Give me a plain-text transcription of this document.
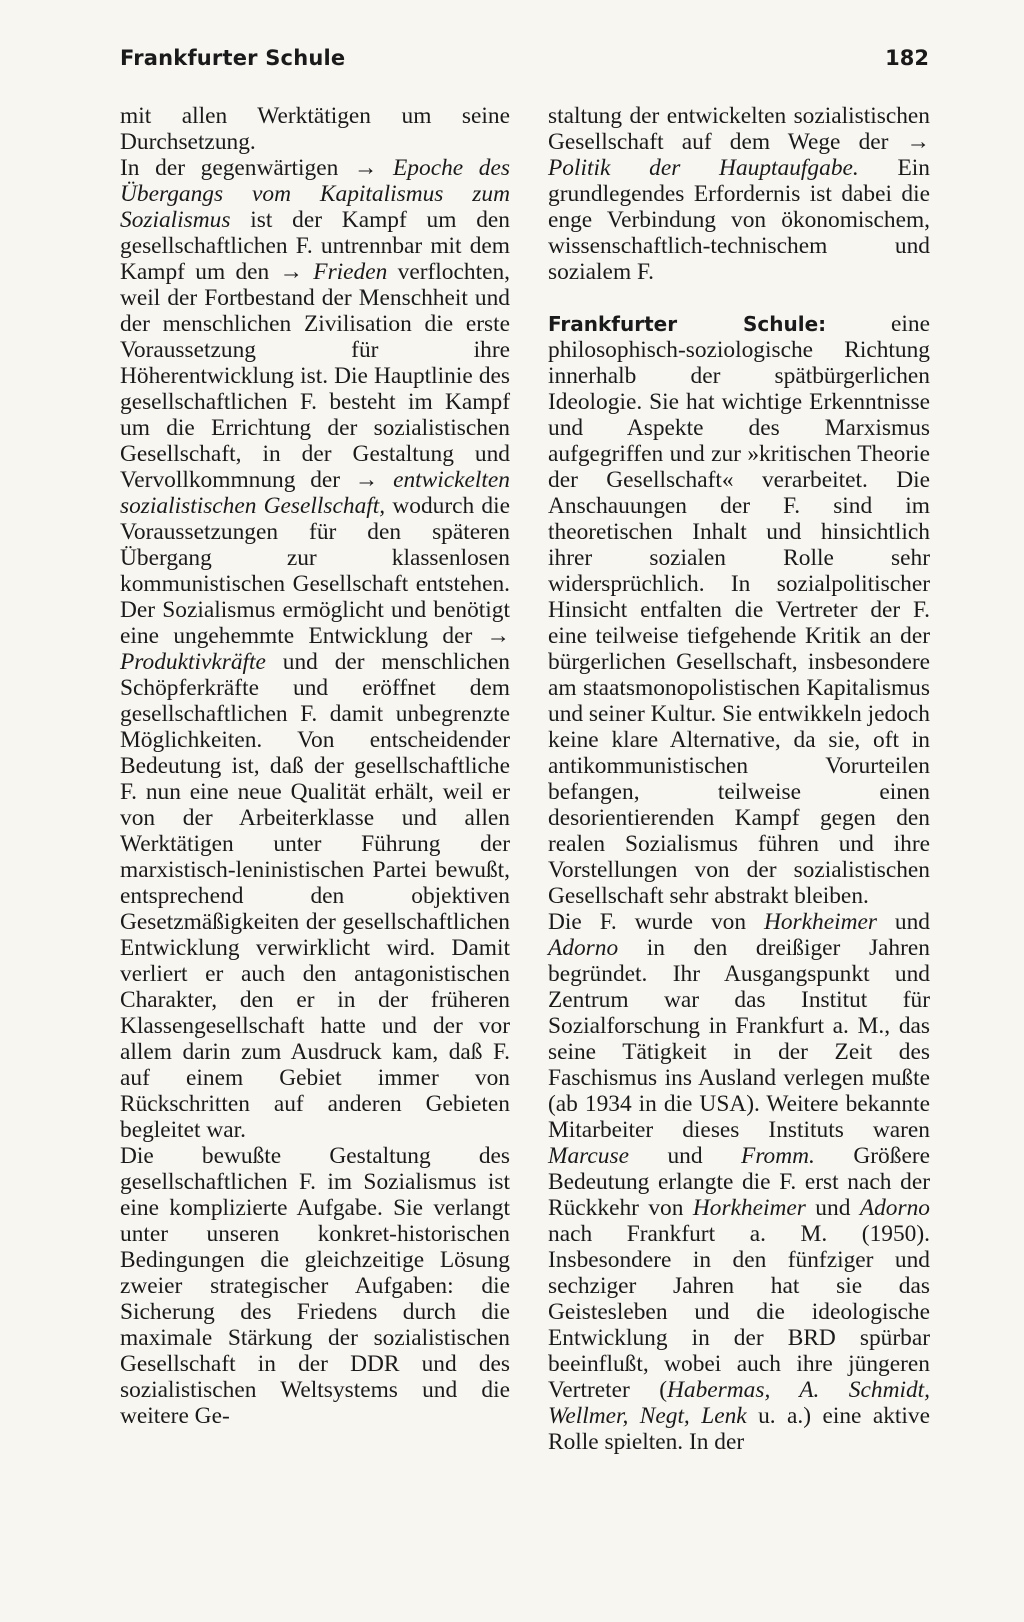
Frankfurter Schule	182

mit allen Werktätigen um seine Durchsetzung.

In der gegenwärtigen → Epoche des Übergangs vom Kapitalismus zum Sozialismus ist der Kampf um den gesellschaftlichen F. untrennbar mit dem Kampf um den → Frieden verflochten, weil der Fortbestand der Menschheit und der menschlichen Zivilisation die erste Voraussetzung für ihre Höherentwicklung ist. Die Hauptlinie des gesellschaftlichen F. besteht im Kampf um die Errichtung der sozialistischen Gesellschaft, in der Gestaltung und Vervollkommnung der → entwickelten sozialistischen Gesellschaft, wodurch die Voraussetzungen für den späteren Übergang zur klassenlosen kommunistischen Gesellschaft entstehen. Der Sozialismus ermöglicht und benötigt eine ungehemmte Entwicklung der → Produktivkräfte und der menschlichen Schöpferkräfte und eröffnet dem gesellschaftlichen F. damit unbegrenzte Möglichkeiten. Von entscheidender Bedeutung ist, daß der gesellschaftliche F. nun eine neue Qualität erhält, weil er von der Arbeiterklasse und allen Werktätigen unter Führung der marxistisch-leninistischen Partei bewußt, entsprechend den objektiven Gesetzmäßigkeiten der gesellschaftlichen Entwicklung verwirklicht wird. Damit verliert er auch den antagonistischen Charakter, den er in der früheren Klassengesellschaft hatte und der vor allem darin zum Ausdruck kam, daß F. auf einem Gebiet immer von Rückschritten auf anderen Gebieten begleitet war.

Die bewußte Gestaltung des gesellschaftlichen F. im Sozialismus ist eine komplizierte Aufgabe. Sie verlangt unter unseren konkret-historischen Bedingungen die gleichzeitige Lösung zweier strategischer Aufgaben: die Sicherung des Friedens durch die maximale Stärkung der sozialistischen Gesellschaft in der DDR und des sozialistischen Weltsystems und die weitere Ge-

staltung der entwickelten sozialistischen Gesellschaft auf dem Wege der → Politik der Hauptaufgabe. Ein grundlegendes Erfordernis ist dabei die enge Verbindung von ökonomischem, wissenschaftlich-technischem und sozialem F.

Frankfurter Schule: eine philosophisch-soziologische Richtung innerhalb der spätbürgerlichen Ideologie. Sie hat wichtige Erkenntnisse und Aspekte des Marxismus aufgegriffen und zur »kritischen Theorie der Gesellschaft« verarbeitet. Die Anschauungen der F. sind im theoretischen Inhalt und hinsichtlich ihrer sozialen Rolle sehr widersprüchlich. In sozialpolitischer Hinsicht entfalten die Vertreter der F. eine teilweise tiefgehende Kritik an der bürgerlichen Gesellschaft, insbesondere am staatsmonopolistischen Kapitalismus und seiner Kultur. Sie entwikkeln jedoch keine klare Alternative, da sie, oft in antikommunistischen Vorurteilen befangen, teilweise einen desorientierenden Kampf gegen den realen Sozialismus führen und ihre Vorstellungen von der sozialistischen Gesellschaft sehr abstrakt bleiben.

Die F. wurde von Horkheimer und Adorno in den dreißiger Jahren begründet. Ihr Ausgangspunkt und Zentrum war das Institut für Sozialforschung in Frankfurt a. M., das seine Tätigkeit in der Zeit des Faschismus ins Ausland verlegen mußte (ab 1934 in die USA). Weitere bekannte Mitarbeiter dieses Instituts waren Marcuse und Fromm. Größere Bedeutung erlangte die F. erst nach der Rückkehr von Horkheimer und Adorno nach Frankfurt a. M. (1950). Insbesondere in den fünfziger und sechziger Jahren hat sie das Geistesleben und die ideologische Entwicklung in der BRD spürbar beeinflußt, wobei auch ihre jüngeren Vertreter (Habermas, A. Schmidt, Wellmer, Negt, Lenk u. a.) eine aktive Rolle spielten. In der
